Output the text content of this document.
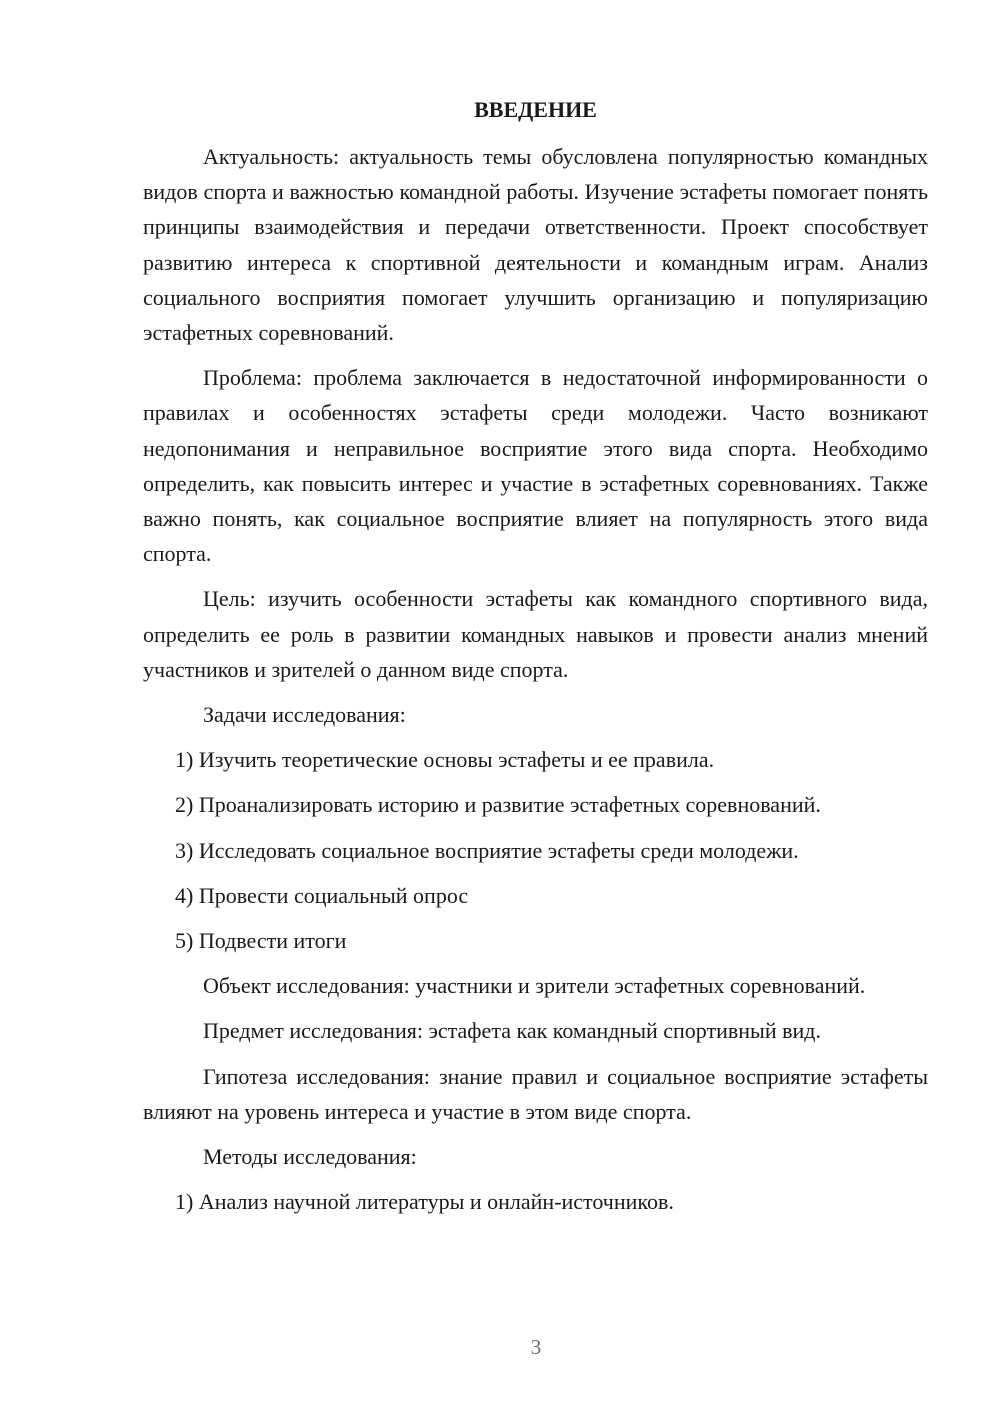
ВВЕДЕНИЕ

Актуальность: актуальность темы обусловлена популярностью командных видов спорта и важностью командной работы. Изучение эстафеты помогает понять принципы взаимодействия и передачи ответственности. Проект способствует развитию интереса к спортивной деятельности и командным играм. Анализ социального восприятия помогает улучшить организацию и популяризацию эстафетных соревнований.

Проблема: проблема заключается в недостаточной информированности о правилах и особенностях эстафеты среди молодежи. Часто возникают недопонимания и неправильное восприятие этого вида спорта. Необходимо определить, как повысить интерес и участие в эстафетных соревнованиях. Также важно понять, как социальное восприятие влияет на популярность этого вида спорта.

Цель: изучить особенности эстафеты как командного спортивного вида, определить ее роль в развитии командных навыков и провести анализ мнений участников и зрителей о данном виде спорта.

Задачи исследования:

1) Изучить теоретические основы эстафеты и ее правила.

2) Проанализировать историю и развитие эстафетных соревнований.

3) Исследовать социальное восприятие эстафеты среди молодежи.

4) Провести социальный опрос

5) Подвести итоги

Объект исследования: участники и зрители эстафетных соревнований.

Предмет исследования: эстафета как командный спортивный вид.

Гипотеза исследования: знание правил и социальное восприятие эстафеты влияют на уровень интереса и участие в этом виде спорта.

Методы исследования:

1) Анализ научной литературы и онлайн-источников.

3
